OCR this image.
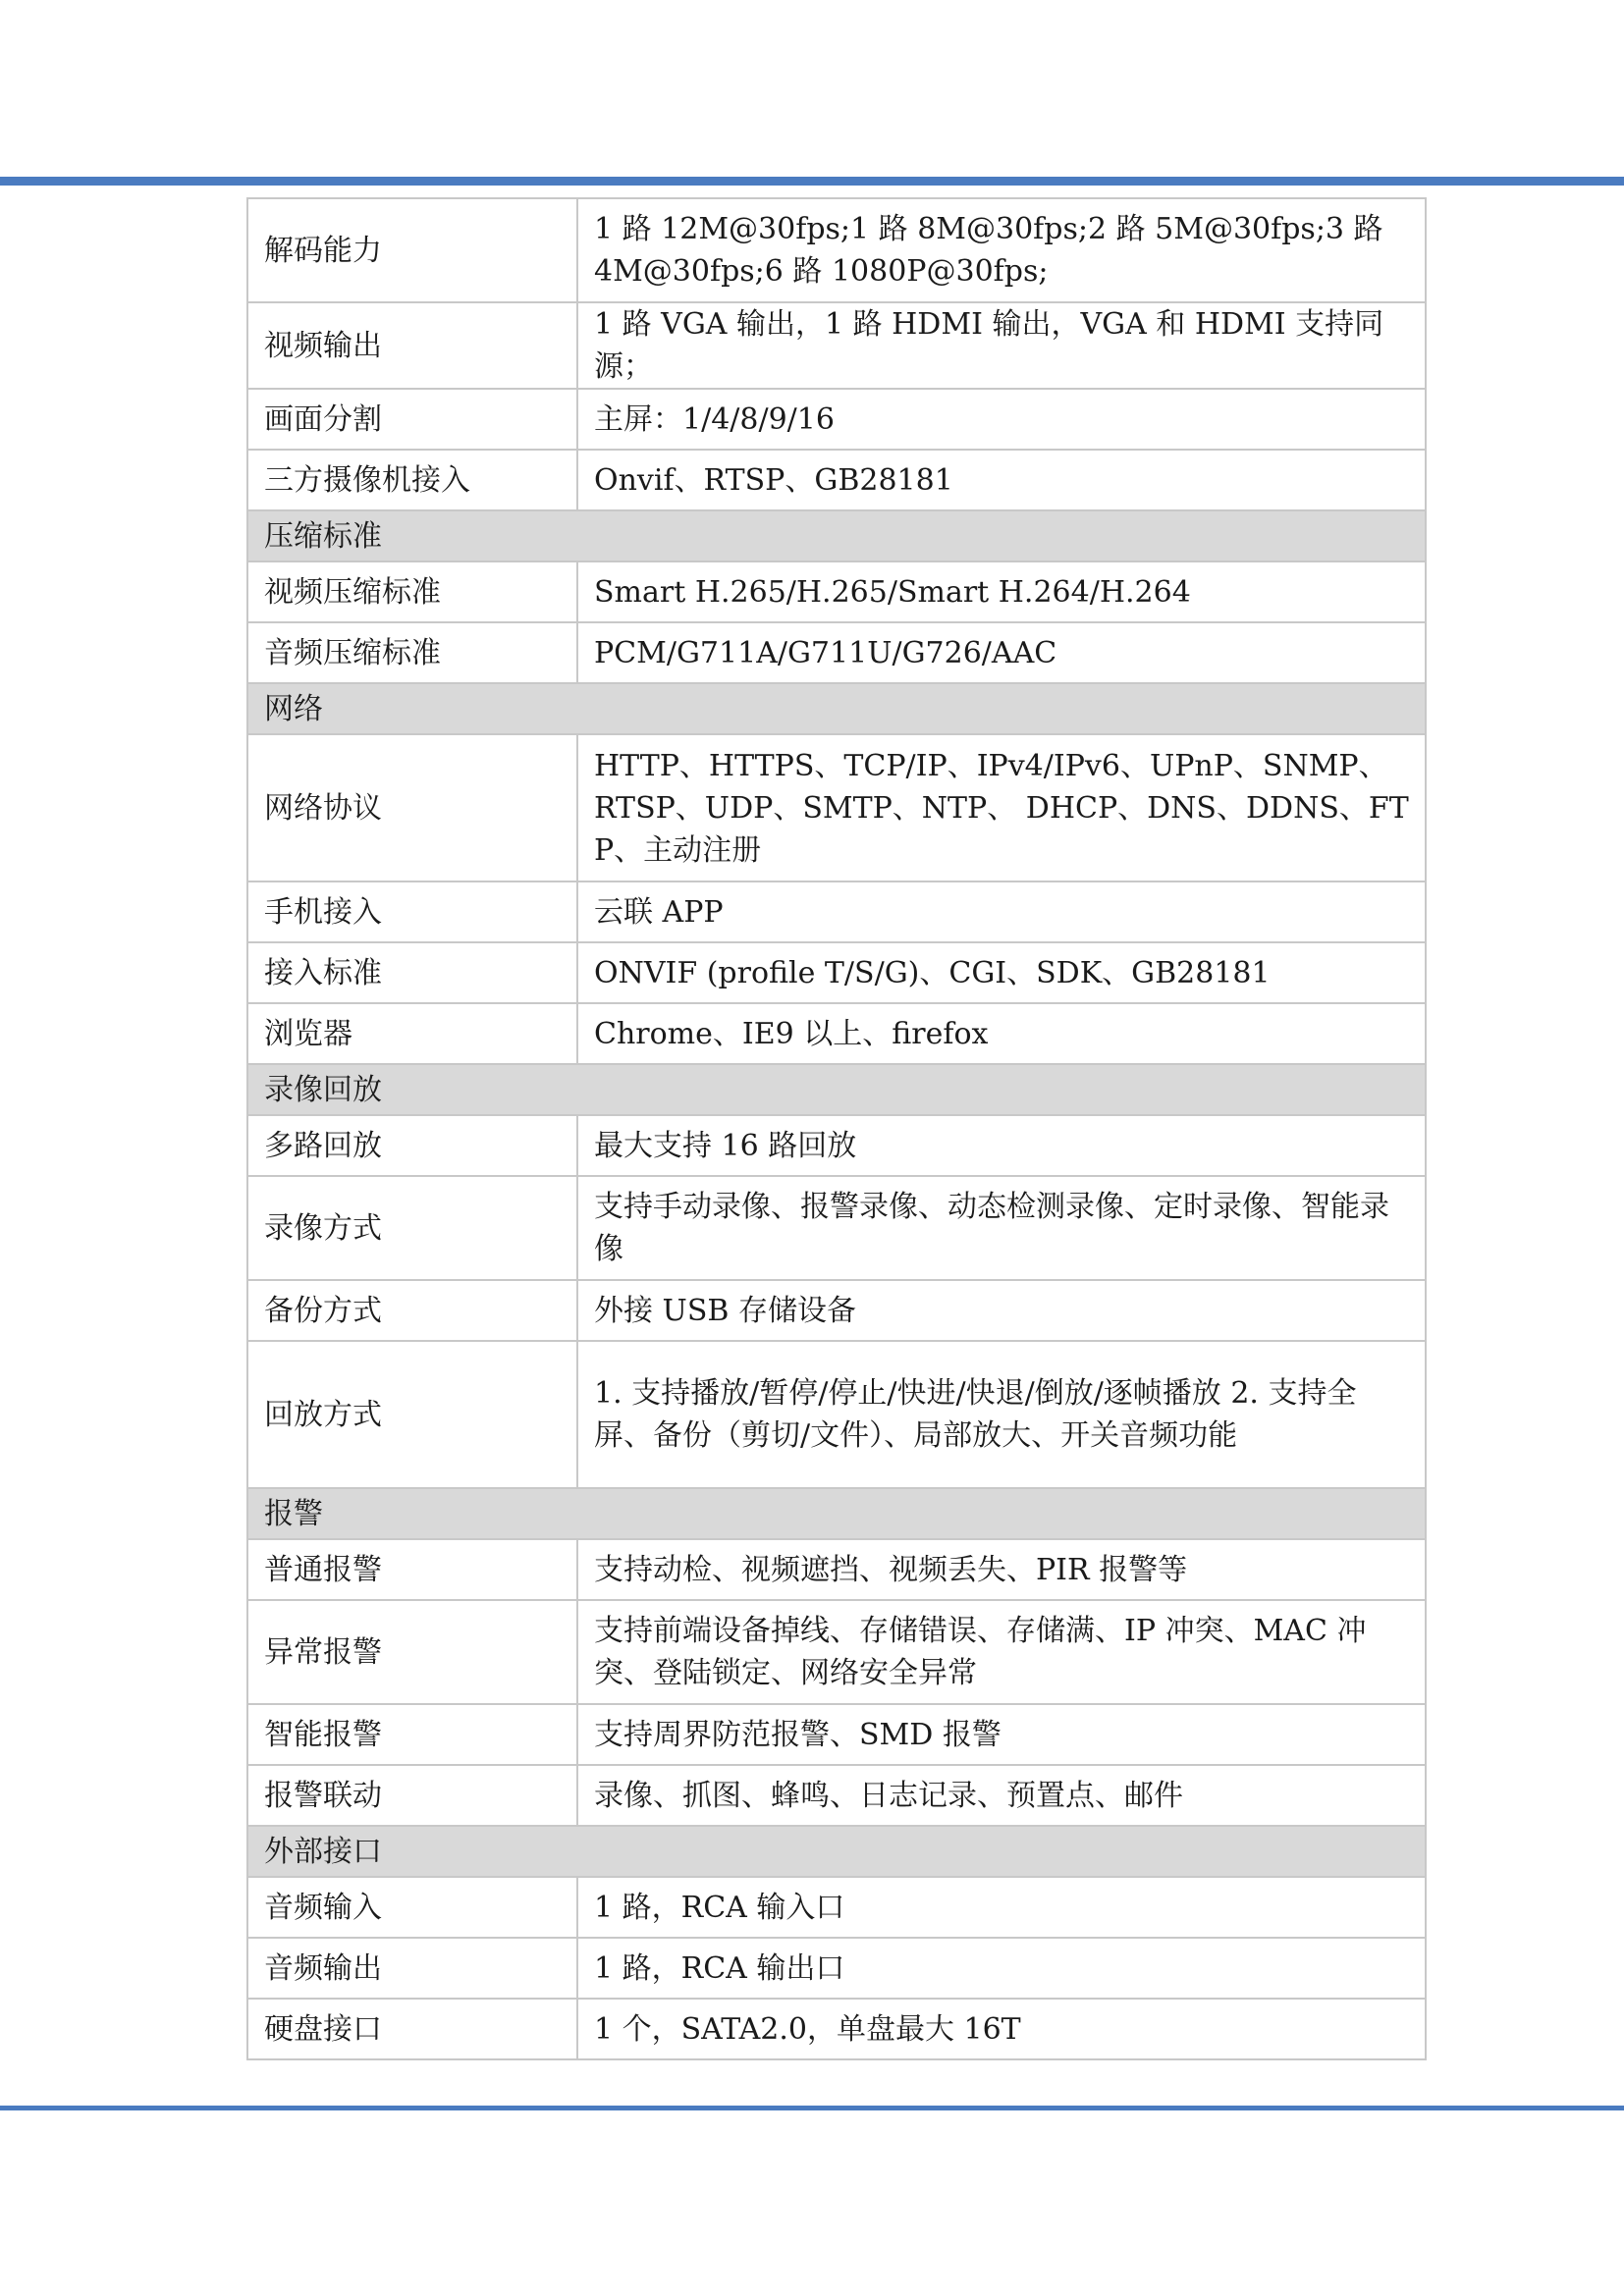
解码能力	1 路 12M@30fps;1 路 8M@30fps;2 路 5M@30fps;3 路 4M@30fps;6 路 1080P@30fps;
视频输出	1 路 VGA 输出，1 路 HDMI 输出，VGA 和 HDMI 支持同源；
画面分割	主屏：1/4/8/9/16
三方摄像机接入	Onvif、RTSP、GB28181
压缩标准	
视频压缩标准	Smart H.265/H.265/Smart H.264/H.264
音频压缩标准	PCM/G711A/G711U/G726/AAC
网络	
网络协议	HTTP、HTTPS、TCP/IP、IPv4/IPv6、UPnP、SNMP、RTSP、UDP、SMTP、NTP、 DHCP、DNS、DDNS、FTP、主动注册
手机接入	云联 APP
接入标准	ONVIF (profile T/S/G)、CGI、SDK、GB28181
浏览器	Chrome、IE9 以上、firefox
录像回放	
多路回放	最大支持 16 路回放
录像方式	支持手动录像、报警录像、动态检测录像、定时录像、智能录像
备份方式	外接 USB 存储设备
回放方式	1. 支持播放/暂停/停止/快进/快退/倒放/逐帧播放 2. 支持全屏、备份（剪切/文件）、局部放大、开关音频功能
报警	
普通报警	支持动检、视频遮挡、视频丢失、PIR 报警等
异常报警	支持前端设备掉线、存储错误、存储满、IP 冲突、MAC 冲突、登陆锁定、网络安全异常
智能报警	支持周界防范报警、SMD 报警
报警联动	录像、抓图、蜂鸣、日志记录、预置点、邮件
外部接口	
音频输入	1 路，RCA 输入口
音频输出	1 路，RCA 输出口
硬盘接口	1 个，SATA2.0，单盘最大 16T
